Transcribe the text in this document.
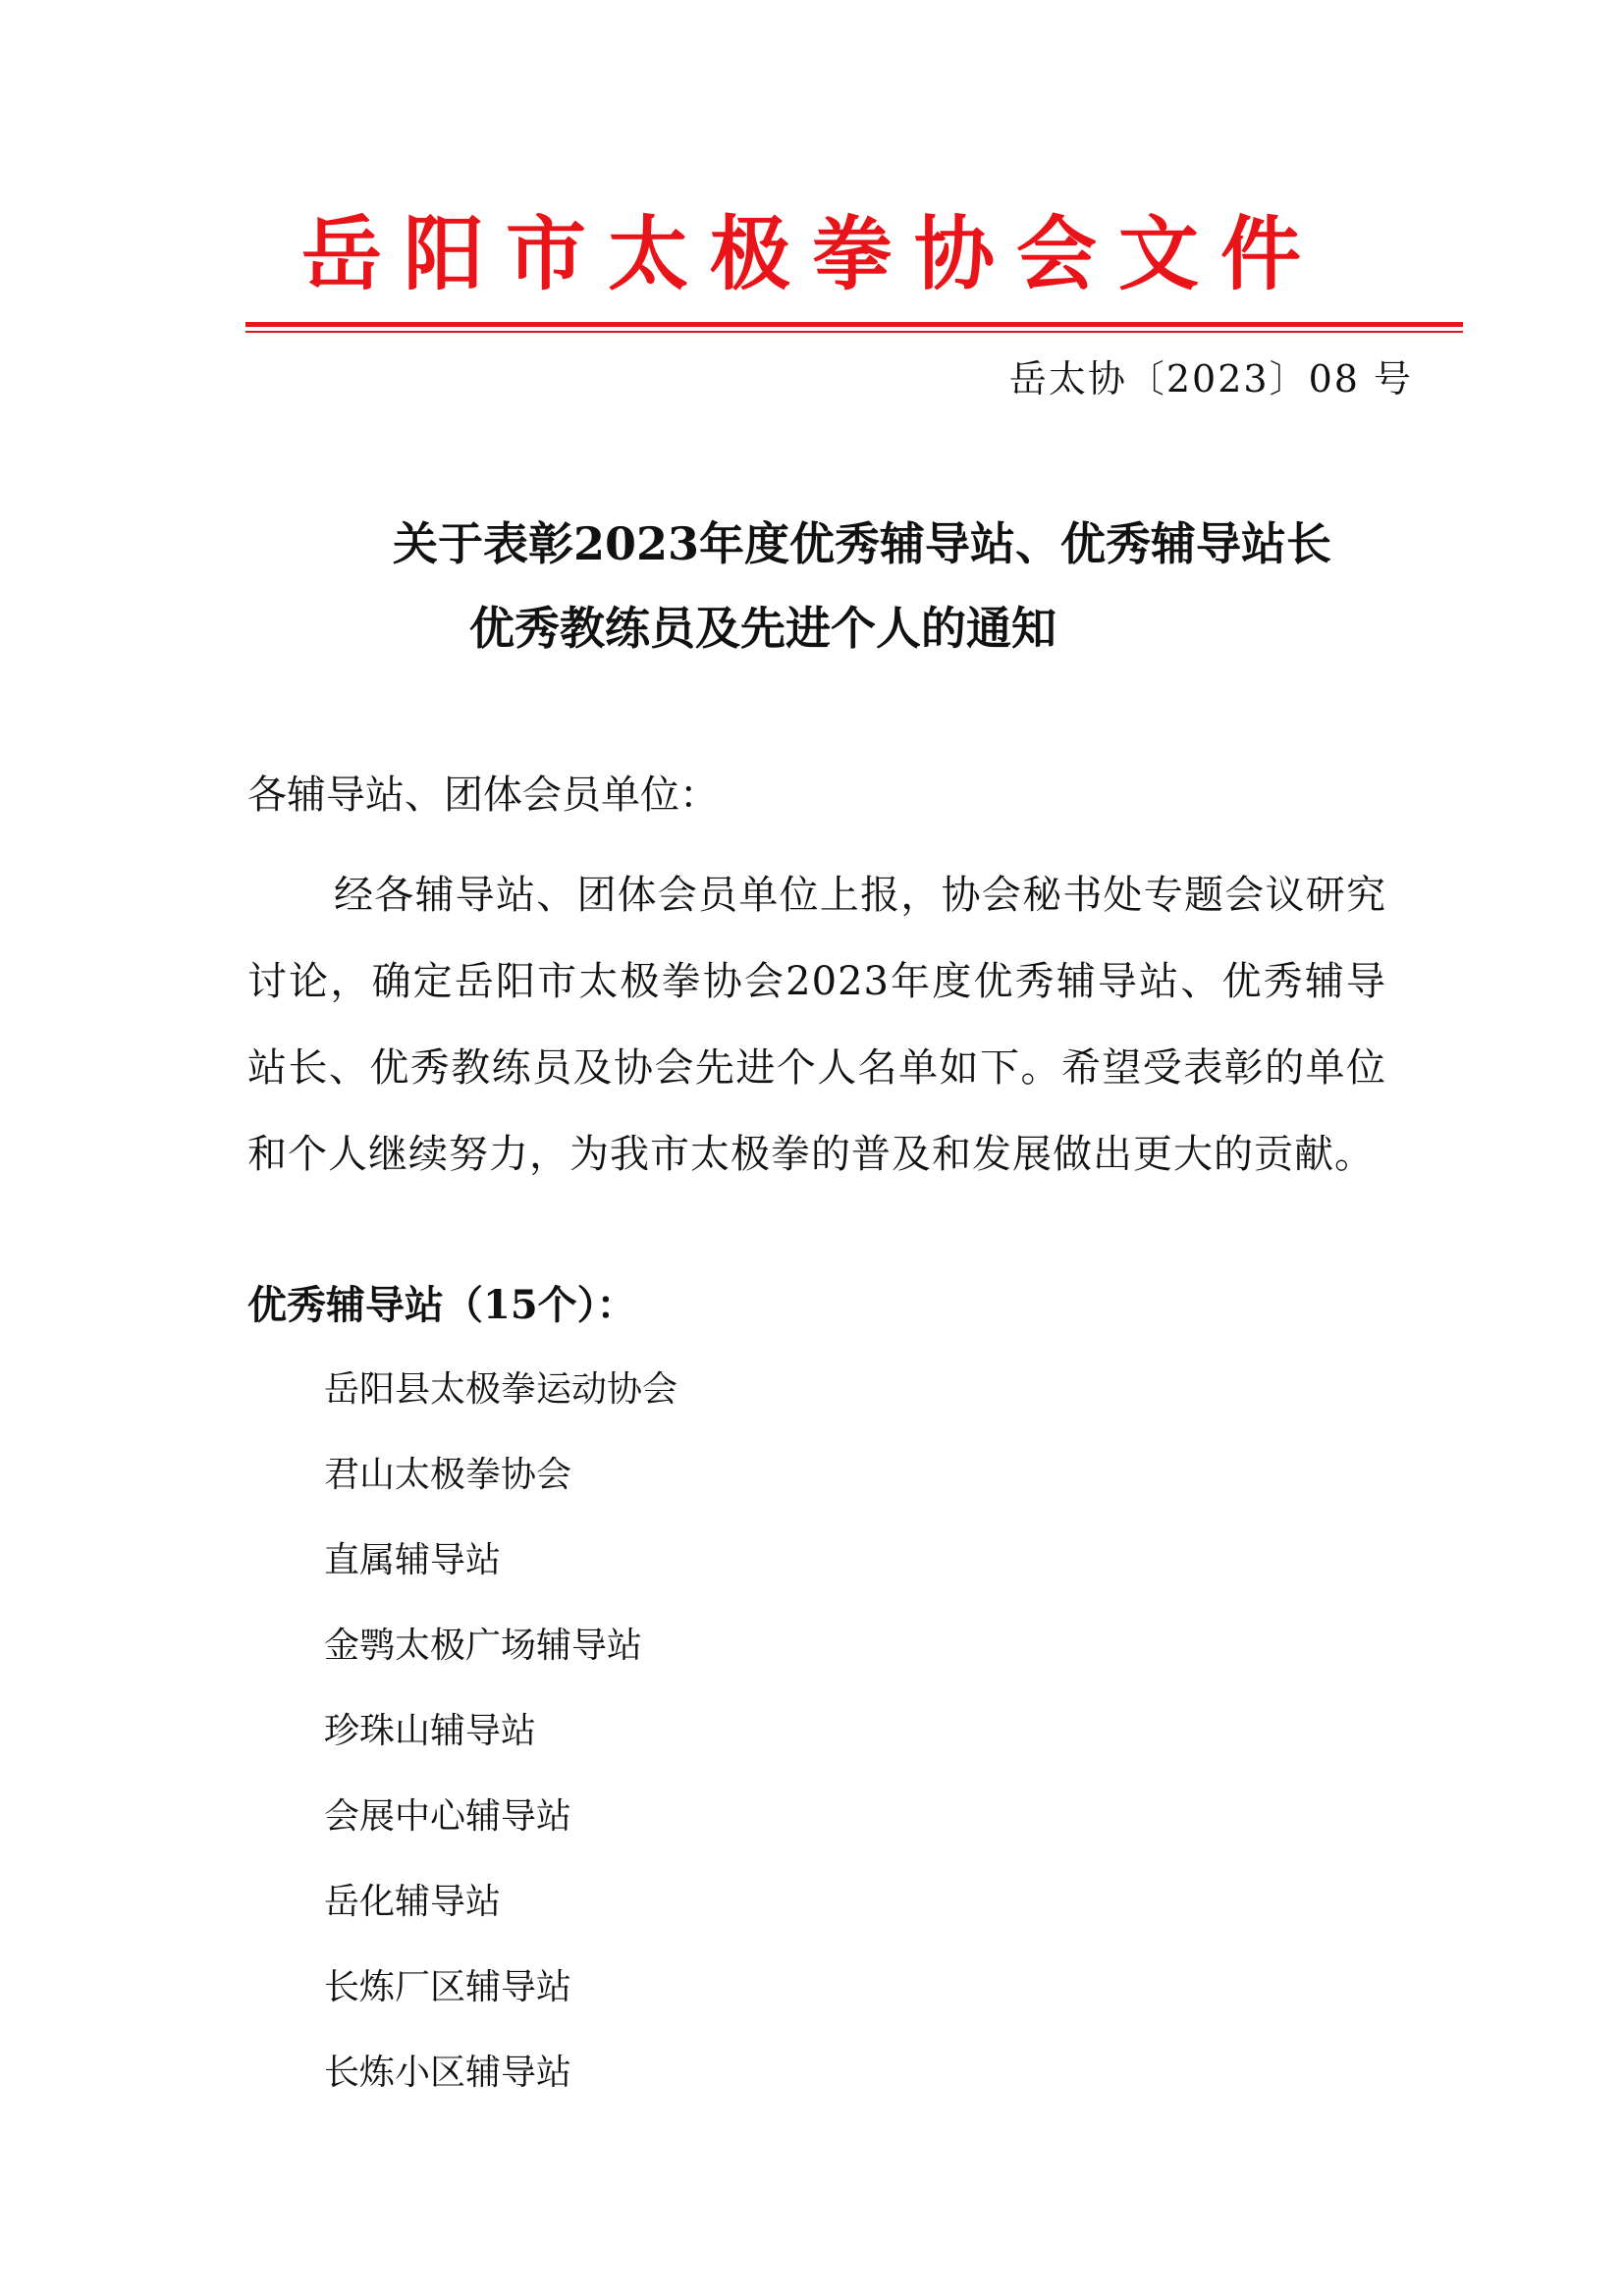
岳阳市太极拳协会文件
岳太协〔2023〕08 号
关于表彰2023年度优秀辅导站、优秀辅导站长
优秀教练员及先进个人的通知
各辅导站、团体会员单位：
经各辅导站、团体会员单位上报，协会秘书处专题会议研究讨论，确定岳阳市太极拳协会2023年度优秀辅导站、优秀辅导站长、优秀教练员及协会先进个人名单如下。希望受表彰的单位和个人继续努力，为我市太极拳的普及和发展做出更大的贡献。
优秀辅导站（15个）：
岳阳县太极拳运动协会
君山太极拳协会
直属辅导站
金鹗太极广场辅导站
珍珠山辅导站
会展中心辅导站
岳化辅导站
长炼厂区辅导站
长炼小区辅导站
